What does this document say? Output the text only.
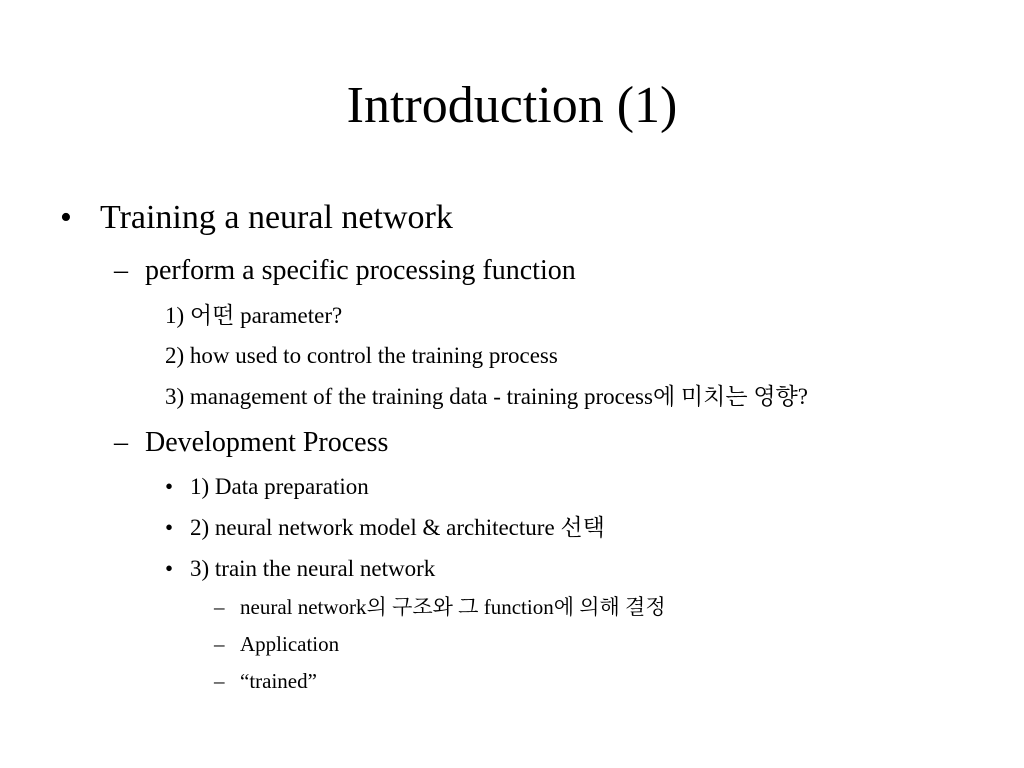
Introduction (1)
• Training a neural network
– perform a specific processing function
1) 어떤 parameter?
2) how used to control the training process
3) management of the training data - training process에 미치는 영향?
– Development Process
• 1) Data preparation
• 2) neural network model & architecture 선택
• 3) train the neural network
– neural network의 구조와 그 function에 의해 결정
– Application
– “trained”
